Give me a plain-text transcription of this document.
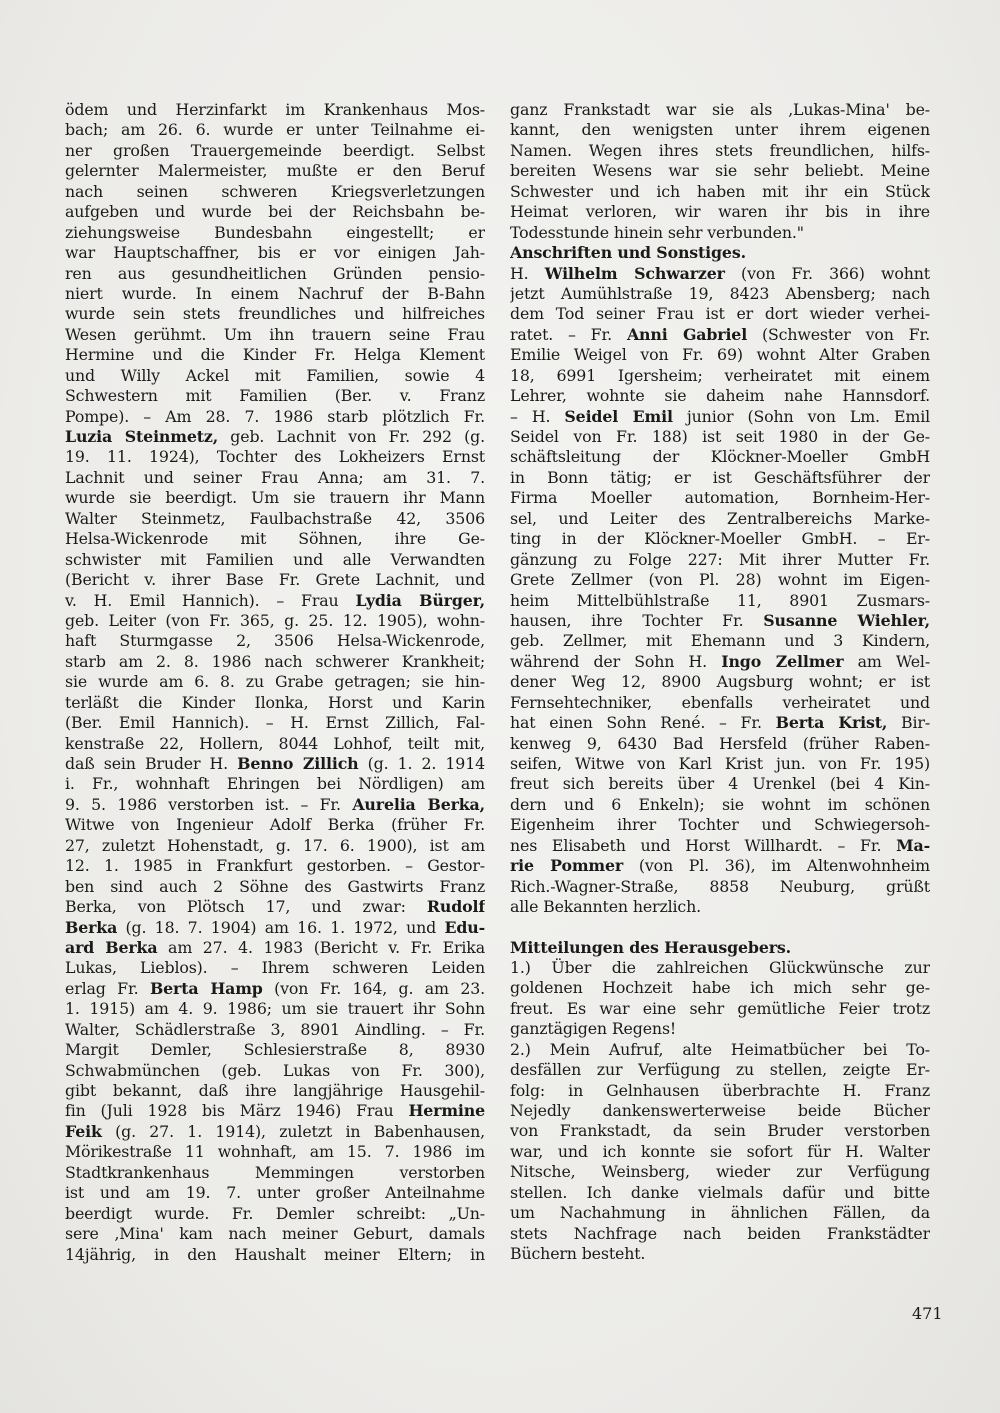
ödem und Herzinfarkt im Krankenhaus Mos-
bach; am 26. 6. wurde er unter Teilnahme ei-
ner großen Trauergemeinde beerdigt. Selbst
gelernter Malermeister, mußte er den Beruf
nach seinen schweren Kriegsverletzungen
aufgeben und wurde bei der Reichsbahn be-
ziehungsweise Bundesbahn eingestellt; er
war Hauptschaffner, bis er vor einigen Jah-
ren aus gesundheitlichen Gründen pensio-
niert wurde. In einem Nachruf der B-Bahn
wurde sein stets freundliches und hilfreiches
Wesen gerühmt. Um ihn trauern seine Frau
Hermine und die Kinder Fr. Helga Klement
und Willy Ackel mit Familien, sowie 4
Schwestern mit Familien (Ber. v. Franz
Pompe). – Am 28. 7. 1986 starb plötzlich Fr.
Luzia Steinmetz, geb. Lachnit von Fr. 292 (g.
19. 11. 1924), Tochter des Lokheizers Ernst
Lachnit und seiner Frau Anna; am 31. 7.
wurde sie beerdigt. Um sie trauern ihr Mann
Walter Steinmetz, Faulbachstraße 42, 3506
Helsa-Wickenrode mit Söhnen, ihre Ge-
schwister mit Familien und alle Verwandten
(Bericht v. ihrer Base Fr. Grete Lachnit, und
v. H. Emil Hannich). – Frau Lydia Bürger,
geb. Leiter (von Fr. 365, g. 25. 12. 1905), wohn-
haft Sturmgasse 2, 3506 Helsa-Wickenrode,
starb am 2. 8. 1986 nach schwerer Krankheit;
sie wurde am 6. 8. zu Grabe getragen; sie hin-
terläßt die Kinder Ilonka, Horst und Karin
(Ber. Emil Hannich). – H. Ernst Zillich, Fal-
kenstraße 22, Hollern, 8044 Lohhof, teilt mit,
daß sein Bruder H. Benno Zillich (g. 1. 2. 1914
i. Fr., wohnhaft Ehringen bei Nördligen) am
9. 5. 1986 verstorben ist. – Fr. Aurelia Berka,
Witwe von Ingenieur Adolf Berka (früher Fr.
27, zuletzt Hohenstadt, g. 17. 6. 1900), ist am
12. 1. 1985 in Frankfurt gestorben. – Gestor-
ben sind auch 2 Söhne des Gastwirts Franz
Berka, von Plötsch 17, und zwar: Rudolf
Berka (g. 18. 7. 1904) am 16. 1. 1972, und Edu-
ard Berka am 27. 4. 1983 (Bericht v. Fr. Erika
Lukas, Lieblos). – Ihrem schweren Leiden
erlag Fr. Berta Hamp (von Fr. 164, g. am 23.
1. 1915) am 4. 9. 1986; um sie trauert ihr Sohn
Walter, Schädlerstraße 3, 8901 Aindling. – Fr.
Margit Demler, Schlesierstraße 8, 8930
Schwabmünchen (geb. Lukas von Fr. 300),
gibt bekannt, daß ihre langjährige Hausgehil-
fin (Juli 1928 bis März 1946) Frau Hermine
Feik (g. 27. 1. 1914), zuletzt in Babenhausen,
Mörikestraße 11 wohnhaft, am 15. 7. 1986 im
Stadtkrankenhaus Memmingen verstorben
ist und am 19. 7. unter großer Anteilnahme
beerdigt wurde. Fr. Demler schreibt: „Un-
sere ‚Mina' kam nach meiner Geburt, damals
14jährig, in den Haushalt meiner Eltern; in
ganz Frankstadt war sie als ‚Lukas-Mina' be-
kannt, den wenigsten unter ihrem eigenen
Namen. Wegen ihres stets freundlichen, hilfs-
bereiten Wesens war sie sehr beliebt. Meine
Schwester und ich haben mit ihr ein Stück
Heimat verloren, wir waren ihr bis in ihre
Todesstunde hinein sehr verbunden."
Anschriften und Sonstiges.
H. Wilhelm Schwarzer (von Fr. 366) wohnt
jetzt Aumühlstraße 19, 8423 Abensberg; nach
dem Tod seiner Frau ist er dort wieder verhei-
ratet. – Fr. Anni Gabriel (Schwester von Fr.
Emilie Weigel von Fr. 69) wohnt Alter Graben
18, 6991 Igersheim; verheiratet mit einem
Lehrer, wohnte sie daheim nahe Hannsdorf.
– H. Seidel Emil junior (Sohn von Lm. Emil
Seidel von Fr. 188) ist seit 1980 in der Ge-
schäftsleitung der Klöckner-Moeller GmbH
in Bonn tätig; er ist Geschäftsführer der
Firma Moeller automation, Bornheim-Her-
sel, und Leiter des Zentralbereichs Marke-
ting in der Klöckner-Moeller GmbH. – Er-
gänzung zu Folge 227: Mit ihrer Mutter Fr.
Grete Zellmer (von Pl. 28) wohnt im Eigen-
heim Mittelbühlstraße 11, 8901 Zusmars-
hausen, ihre Tochter Fr. Susanne Wiehler,
geb. Zellmer, mit Ehemann und 3 Kindern,
während der Sohn H. Ingo Zellmer am Wel-
dener Weg 12, 8900 Augsburg wohnt; er ist
Fernsehtechniker, ebenfalls verheiratet und
hat einen Sohn René. – Fr. Berta Krist, Bir-
kenweg 9, 6430 Bad Hersfeld (früher Raben-
seifen, Witwe von Karl Krist jun. von Fr. 195)
freut sich bereits über 4 Urenkel (bei 4 Kin-
dern und 6 Enkeln); sie wohnt im schönen
Eigenheim ihrer Tochter und Schwiegersoh-
nes Elisabeth und Horst Willhardt. – Fr. Ma-
rie Pommer (von Pl. 36), im Altenwohnheim
Rich.-Wagner-Straße, 8858 Neuburg, grüßt
alle Bekannten herzlich.
Mitteilungen des Herausgebers.
1.) Über die zahlreichen Glückwünsche zur
goldenen Hochzeit habe ich mich sehr ge-
freut. Es war eine sehr gemütliche Feier trotz
ganztägigen Regens!
2.) Mein Aufruf, alte Heimatbücher bei To-
desfällen zur Verfügung zu stellen, zeigte Er-
folg: in Gelnhausen überbrachte H. Franz
Nejedly dankenswerterweise beide Bücher
von Frankstadt, da sein Bruder verstorben
war, und ich konnte sie sofort für H. Walter
Nitsche, Weinsberg, wieder zur Verfügung
stellen. Ich danke vielmals dafür und bitte
um Nachahmung in ähnlichen Fällen, da
stets Nachfrage nach beiden Frankstädter
Büchern besteht.
471
